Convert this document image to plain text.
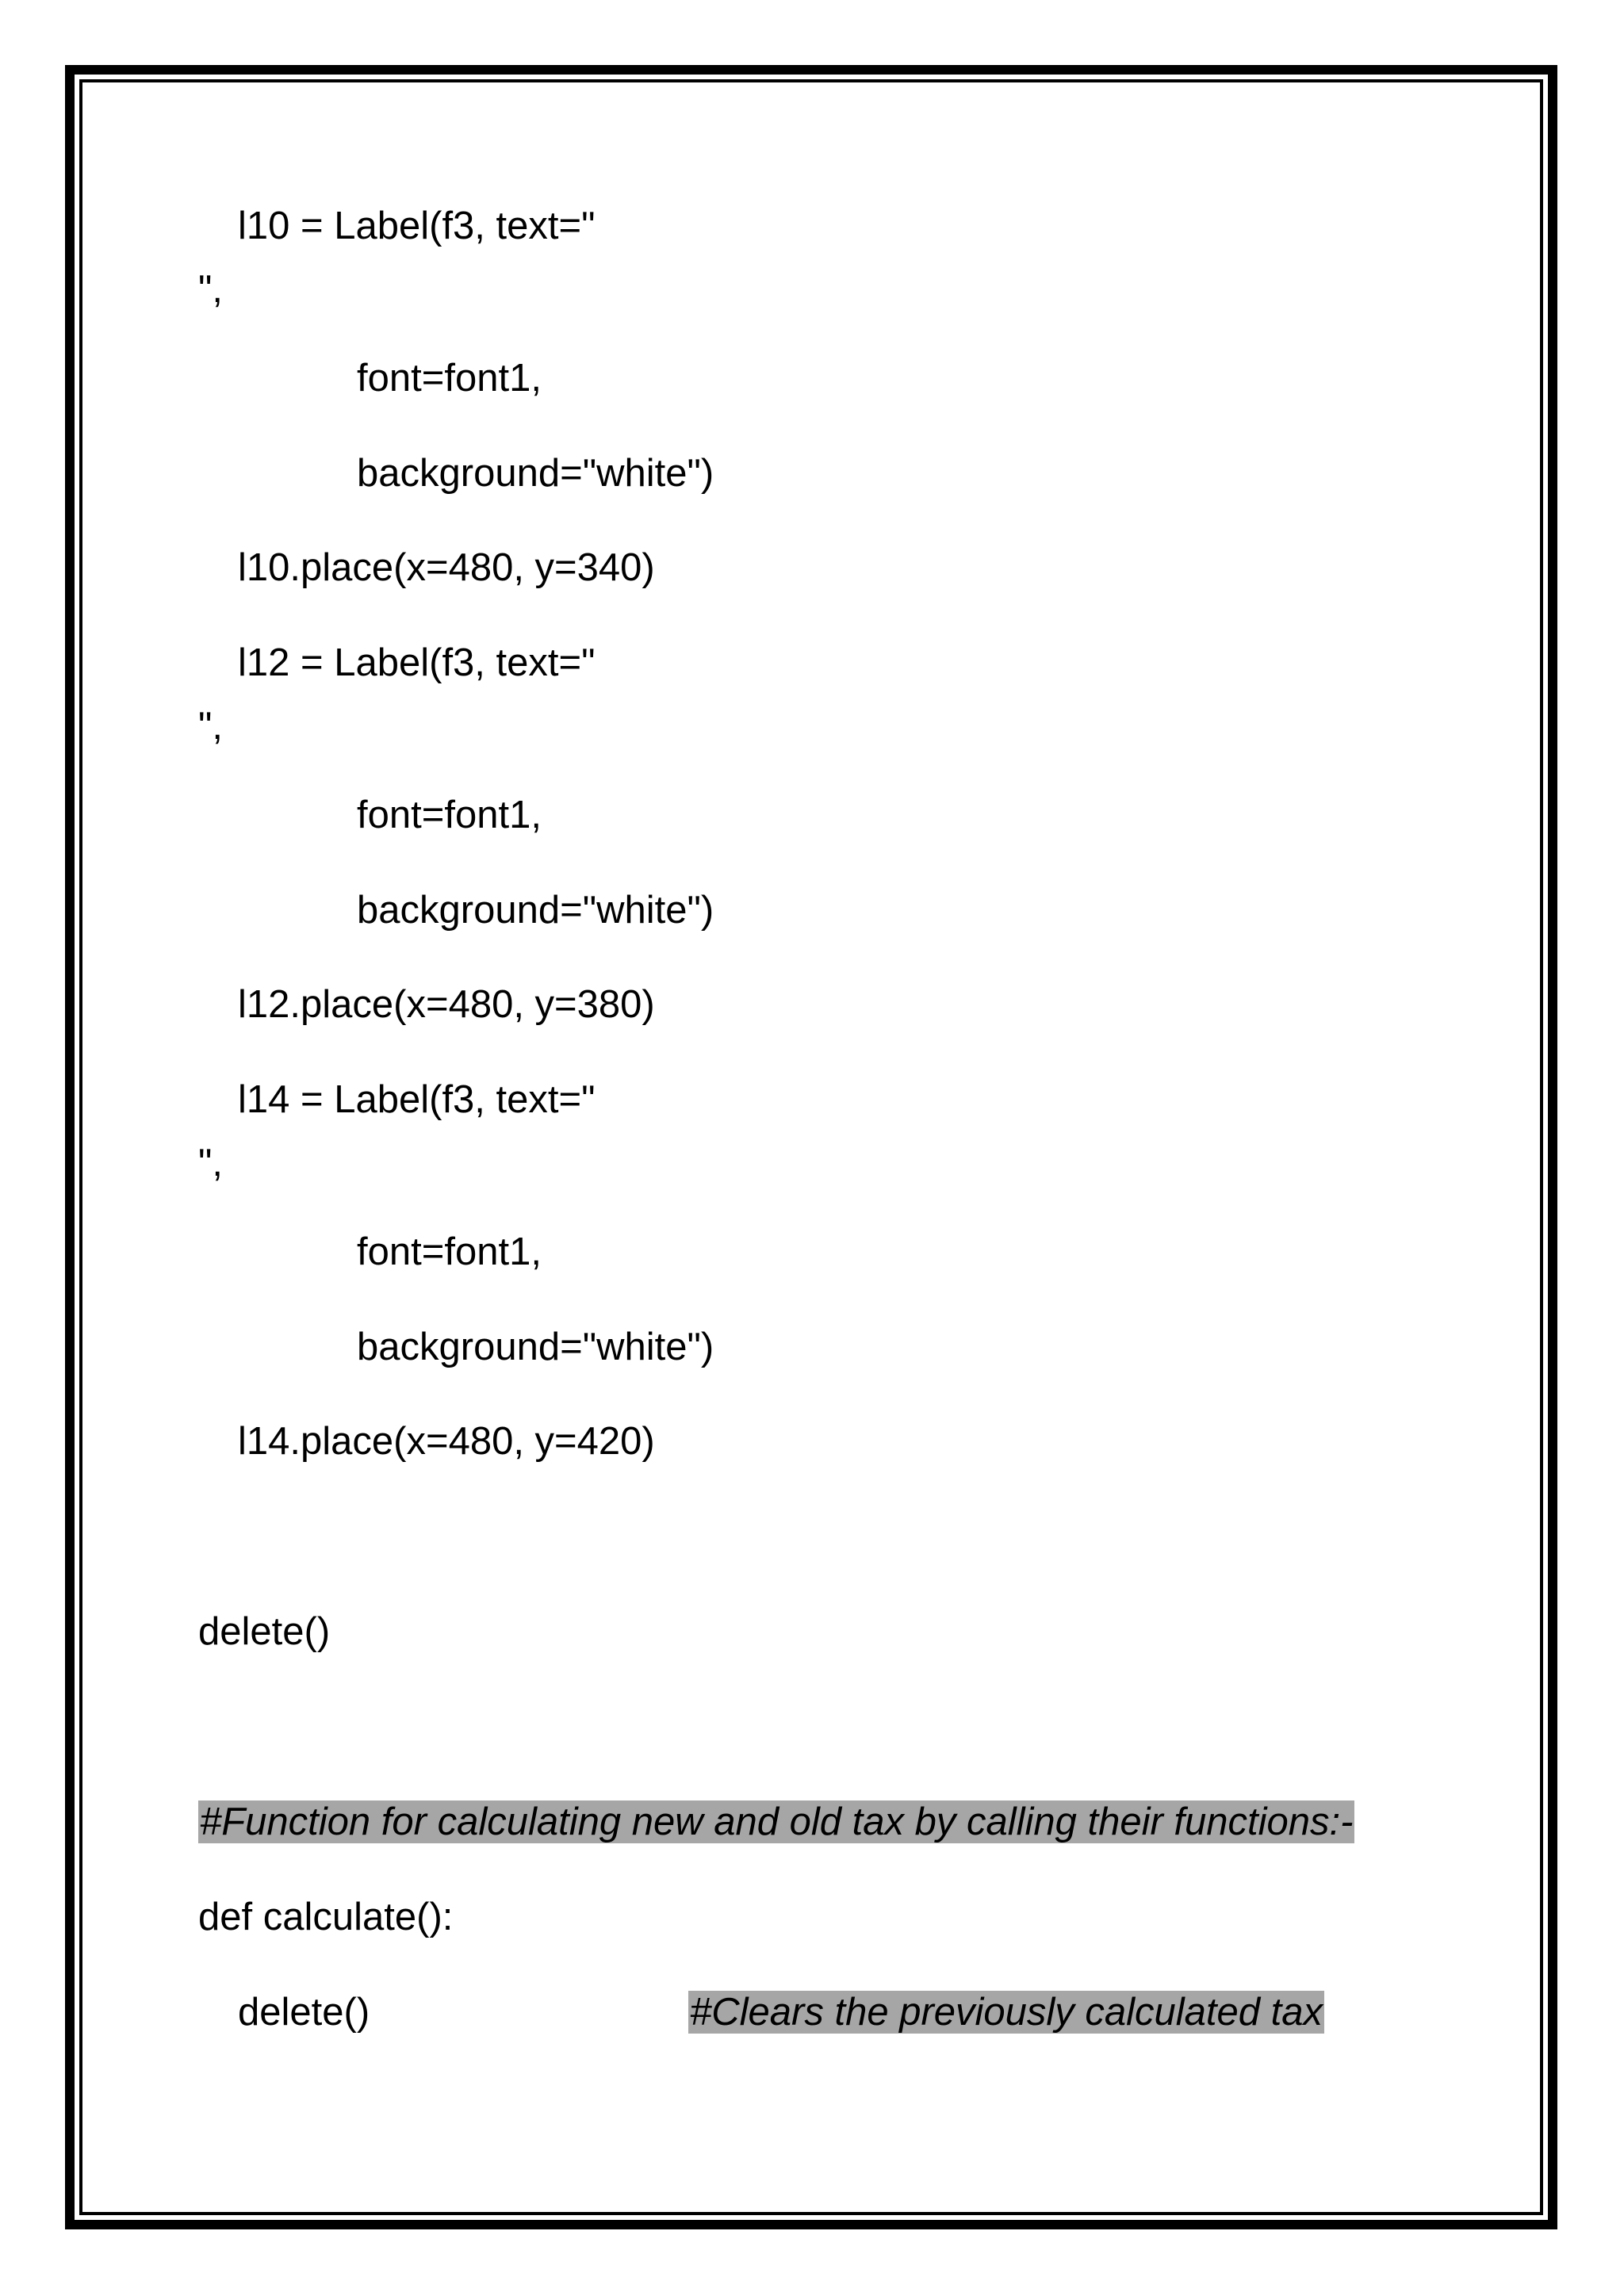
l10 = Label(f3, text="
",
font=font1,
background="white")
l10.place(x=480, y=340)
l12 = Label(f3, text="
",
font=font1,
background="white")
l12.place(x=480, y=380)
l14 = Label(f3, text="
",
font=font1,
background="white")
l14.place(x=480, y=420)
delete()
#Function for calculating new and old tax by calling their functions:-
def calculate():
delete()	#Clears the previously calculated tax
